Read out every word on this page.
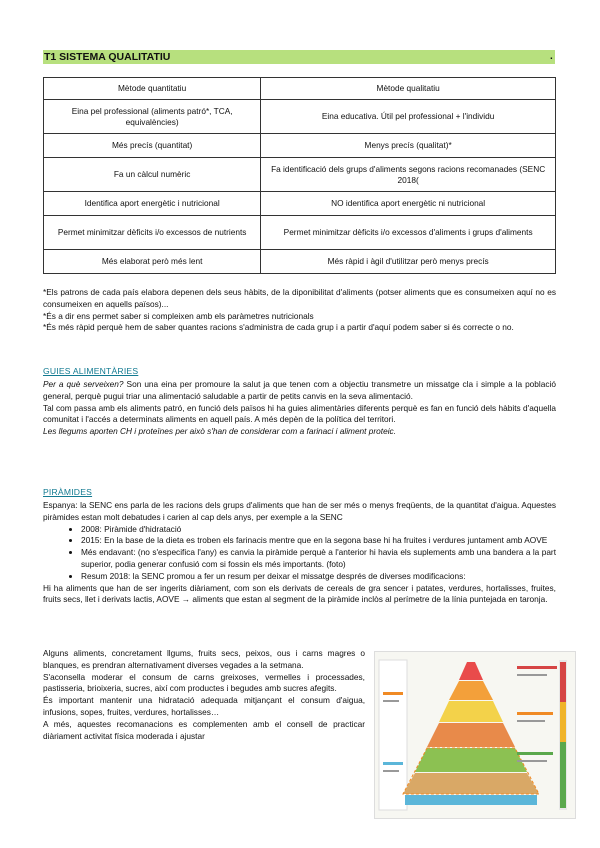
T1 SISTEMA QUALITATIU	.
Mètode quantitatiu	Mètode qualitatiu
Eina pel professional (aliments patró*, TCA, equivalències)	Eina educativa. Útil pel professional + l'individu
Més precís (quantitat)	Menys precís (qualitat)*
Fa un càlcul numèric	Fa identificació dels grups d'aliments segons racions recomanades (SENC 2018(
Identifica aport energètic i nutricional	NO identifica aport energètic ni nutricional
Permet minimitzar dèficits i/o excessos de nutrients	Permet minimitzar dèficits i/o excessos d'aliments i grups d'aliments
Més elaborat però més lent	Més ràpid i àgil d'utilitzar però menys precís

*Els patrons de cada país elabora depenen dels seus hàbits, de la diponibilitat d'aliments (potser aliments que es consumeixen aquí no es consumeixen en aquells països)...

*És a dir ens permet saber si compleixen amb els paràmetres nutricionals

*És més ràpid perquè hem de saber quantes racions s'administra de cada grup i a partir d'aquí podem saber si és correcte o no.

GUIES ALIMENTÀRIES

Per a què serveixen? Son una eina per promoure la salut ja que tenen com a objectiu transmetre un missatge cla i simple a la població general, perquè pugui triar una alimentació saludable a partir de petits canvis en la seva alimentació.

Tal com passa amb els aliments patró, en funció dels països hi ha guies alimentàries diferents perquè es fan en funció dels hàbits d'aquella comunitat i l'accés a determinats aliments en aquell país. A més depèn de la política del territori.

Les llegums aporten CH i proteïnes per això s'han de considerar com a farinaci i aliment proteic.

PIRÀMIDES

Espanya: la SENC ens parla de les racions dels grups d'aliments que han de ser més o menys freqüents, de la quantitat d'aigua. Aquestes piràmides estan molt debatudes i carien al cap dels anys, per exemple a la SENC

• 2008: Piràmide d'hidratació
• 2015: En la base de la dieta es troben els farinacis mentre que en la segona base hi ha fruites i verdures juntament amb AOVE
• Més endavant: (no s'especifica l'any) es canvia la piràmide perquè a l'anterior hi havia els suplements amb una bandera a la part superior, podia generar confusió com si fossin els més importants. (foto)
• Resum 2018: la SENC promou a fer un resum per deixar el missatge després de diverses modificacions:

Hi ha aliments que han de ser ingerits diàriament, com son els derivats de cereals de gra sencer i patates, verdures, hortalisses, fruites, fruits secs, llet i derivats lactis, AOVE → aliments que estan al segment de la piràmide inclòs al perímetre de la línia puntejada en taronja.

Alguns aliments, concretament llgums, fruits secs, peixos, ous i carns magres o blanques, es prendran alternativament diverses vegades a la setmana.

S'aconsella moderar el consum de carns greixoses, vermelles i processades, pastisseria, brioixeria, sucres, així com productes i begudes amb sucres afegits.

És important mantenir una hidratació adequada mitjançant el consum d'aigua, infusions, sopes, fruites, verdures, hortalisses…

A més, aquestes recomanacions es complementen amb el consell de practicar diàriament activitat física moderada i ajustar
